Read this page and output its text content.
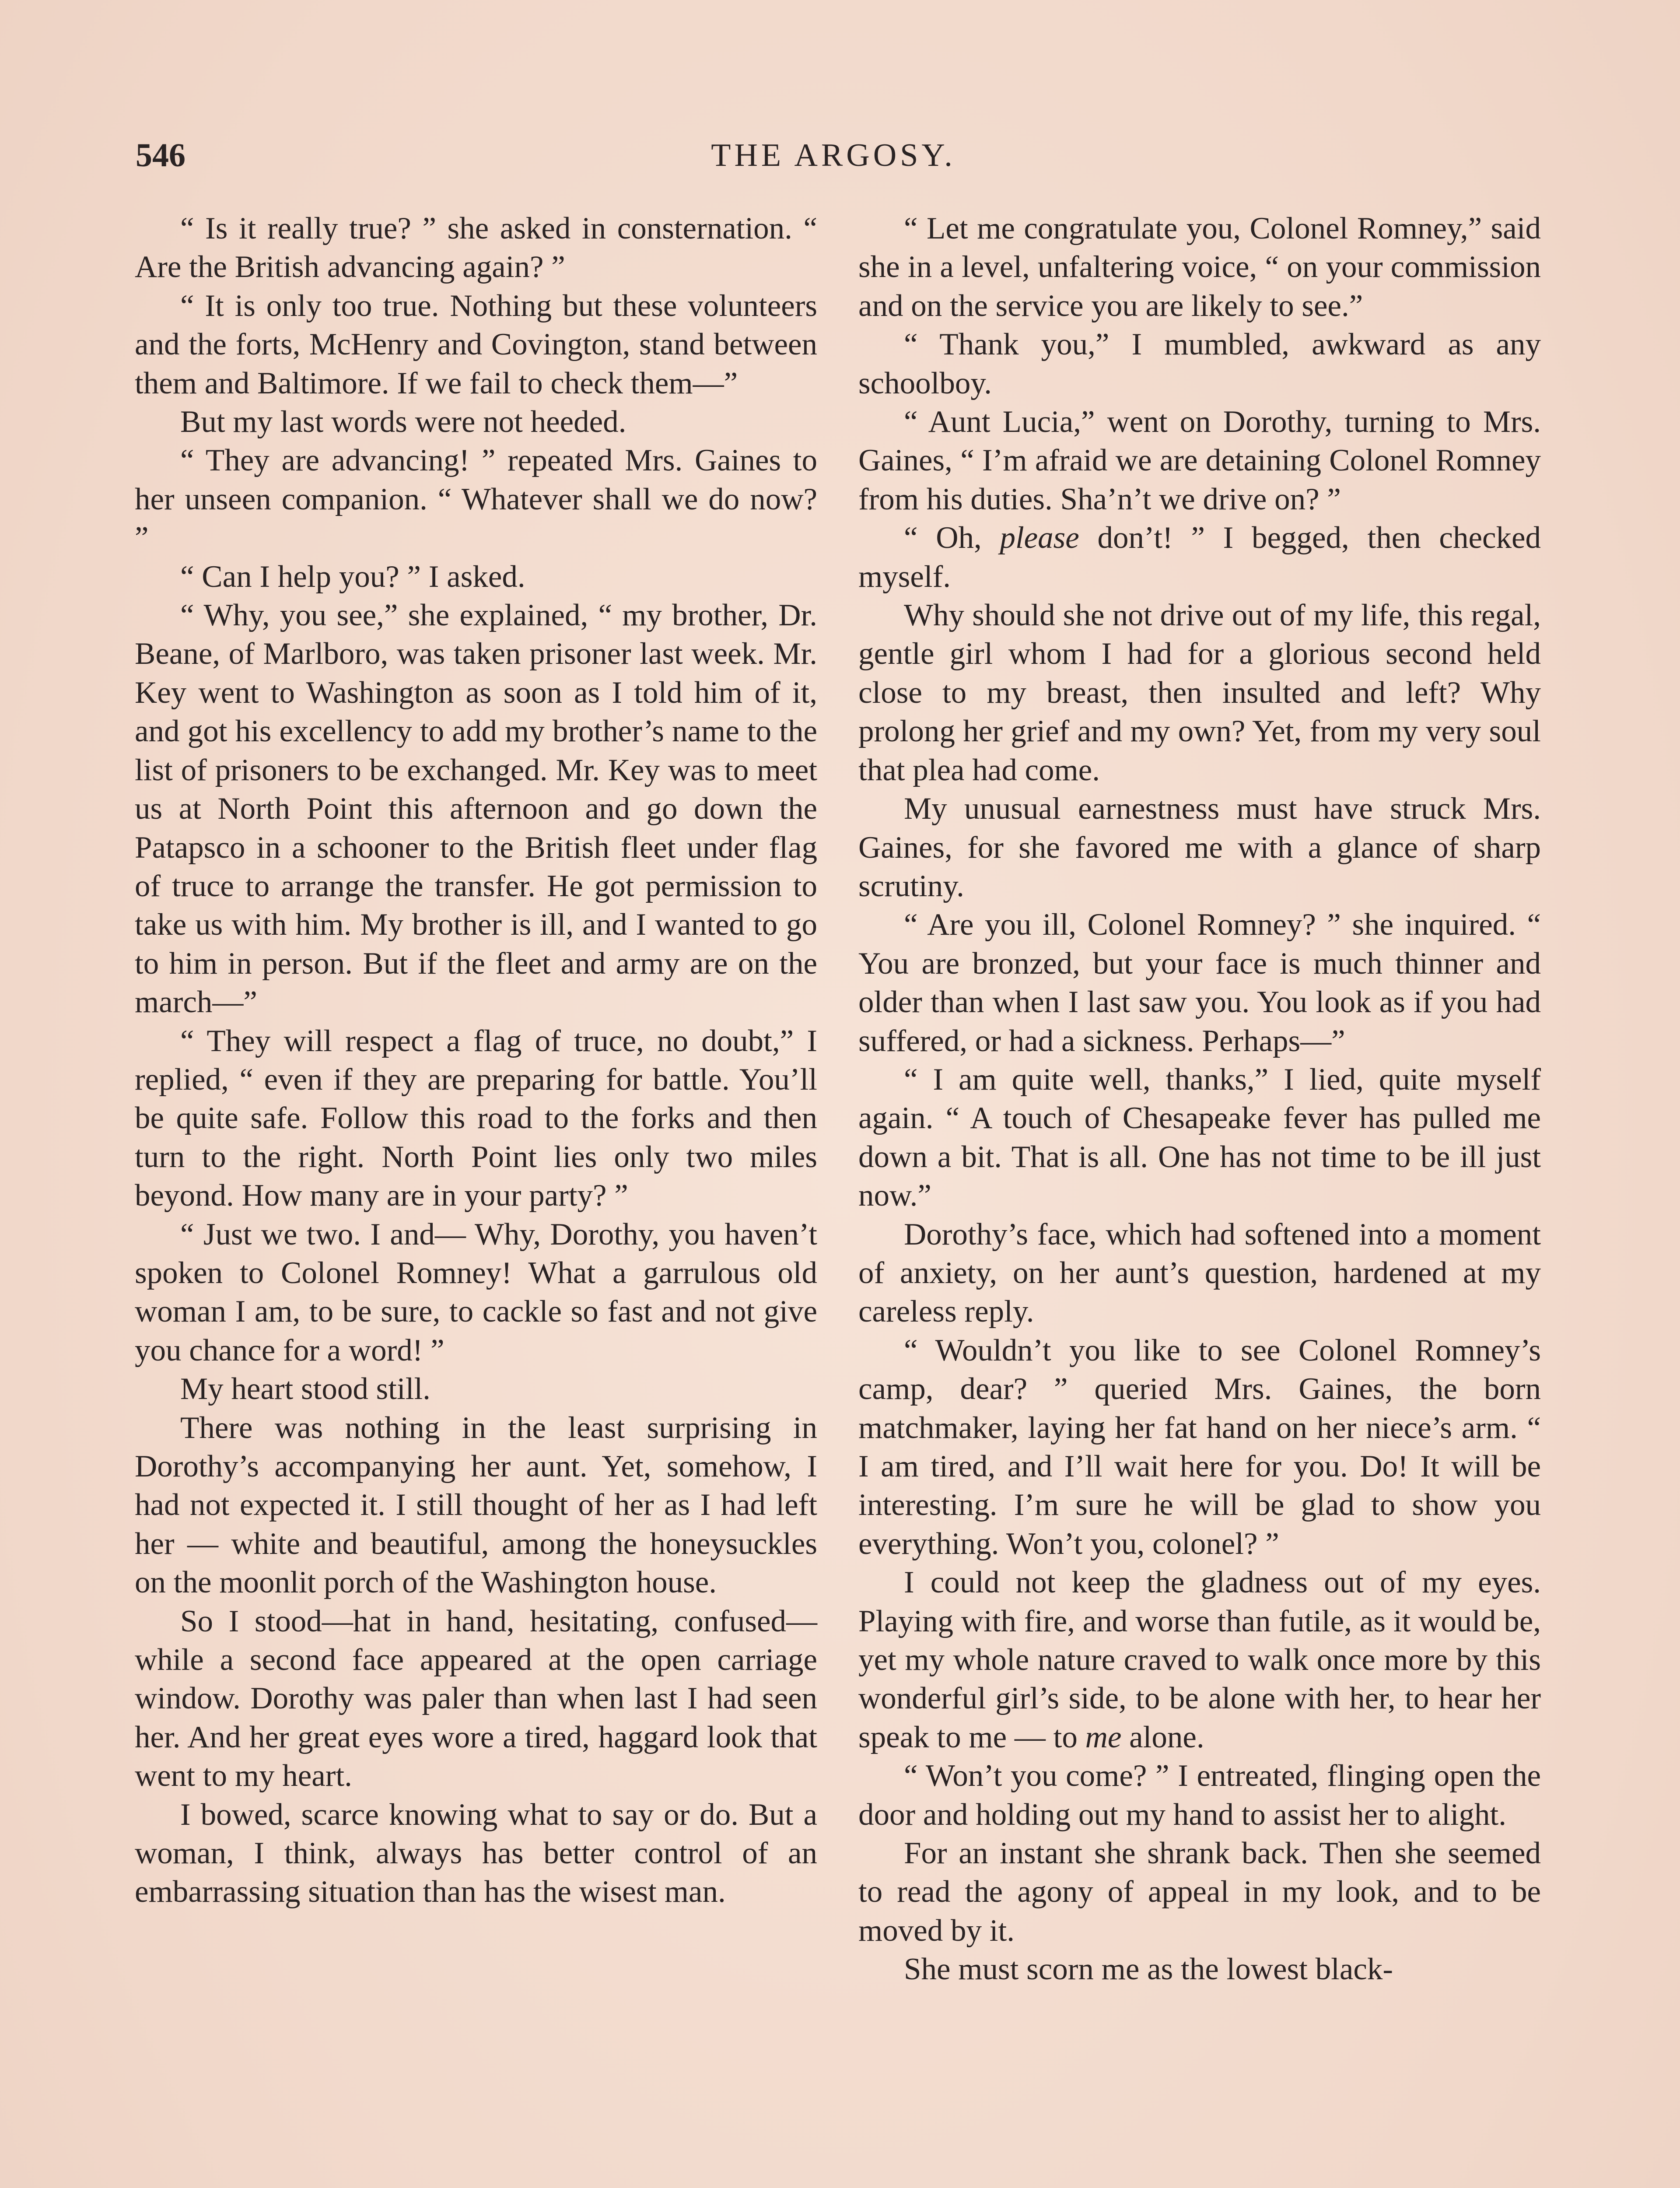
546	THE ARGOSY.

“ Is it really true? ” she asked in consternation. “ Are the British advancing again? ”

“ It is only too true. Nothing but these volunteers and the forts, McHenry and Covington, stand between them and Baltimore. If we fail to check them—”

But my last words were not heeded.

“ They are advancing! ” repeated Mrs. Gaines to her unseen companion. “ Whatever shall we do now? ”

“ Can I help you? ” I asked.

“ Why, you see,” she explained, “ my brother, Dr. Beane, of Marlboro, was taken prisoner last week. Mr. Key went to Washington as soon as I told him of it, and got his excellency to add my brother’s name to the list of prisoners to be exchanged. Mr. Key was to meet us at North Point this afternoon and go down the Patapsco in a schooner to the British fleet under flag of truce to arrange the transfer. He got permission to take us with him. My brother is ill, and I wanted to go to him in person. But if the fleet and army are on the march—”

“ They will respect a flag of truce, no doubt,” I replied, “ even if they are preparing for battle. You’ll be quite safe. Follow this road to the forks and then turn to the right. North Point lies only two miles beyond. How many are in your party? ”

“ Just we two. I and— Why, Dorothy, you haven’t spoken to Colonel Romney! What a garrulous old woman I am, to be sure, to cackle so fast and not give you chance for a word! ”

My heart stood still.

There was nothing in the least surprising in Dorothy’s accompanying her aunt. Yet, somehow, I had not expected it. I still thought of her as I had left her — white and beautiful, among the honeysuckles on the moonlit porch of the Washington house.

So I stood—hat in hand, hesitating, confused—while a second face appeared at the open carriage window. Dorothy was paler than when last I had seen her. And her great eyes wore a tired, haggard look that went to my heart.

I bowed, scarce knowing what to say or do. But a woman, I think, always has better control of an embarrassing situation than has the wisest man.

“ Let me congratulate you, Colonel Romney,” said she in a level, unfaltering voice, “ on your commission and on the service you are likely to see.”

“ Thank you,” I mumbled, awkward as any schoolboy.

“ Aunt Lucia,” went on Dorothy, turning to Mrs. Gaines, “ I’m afraid we are detaining Colonel Romney from his duties. Sha’n’t we drive on? ”

“ Oh, please don’t! ” I begged, then checked myself.

Why should she not drive out of my life, this regal, gentle girl whom I had for a glorious second held close to my breast, then insulted and left? Why prolong her grief and my own? Yet, from my very soul that plea had come.

My unusual earnestness must have struck Mrs. Gaines, for she favored me with a glance of sharp scrutiny.

“ Are you ill, Colonel Romney? ” she inquired. “ You are bronzed, but your face is much thinner and older than when I last saw you. You look as if you had suffered, or had a sickness. Perhaps—”

“ I am quite well, thanks,” I lied, quite myself again. “ A touch of Chesapeake fever has pulled me down a bit. That is all. One has not time to be ill just now.”

Dorothy’s face, which had softened into a moment of anxiety, on her aunt’s question, hardened at my careless reply.

“ Wouldn’t you like to see Colonel Romney’s camp, dear? ” queried Mrs. Gaines, the born matchmaker, laying her fat hand on her niece’s arm. “ I am tired, and I’ll wait here for you. Do! It will be interesting. I’m sure he will be glad to show you everything. Won’t you, colonel? ”

I could not keep the gladness out of my eyes. Playing with fire, and worse than futile, as it would be, yet my whole nature craved to walk once more by this wonderful girl’s side, to be alone with her, to hear her speak to me — to me alone.

“ Won’t you come? ” I entreated, flinging open the door and holding out my hand to assist her to alight.

For an instant she shrank back. Then she seemed to read the agony of appeal in my look, and to be moved by it.

She must scorn me as the lowest black-
